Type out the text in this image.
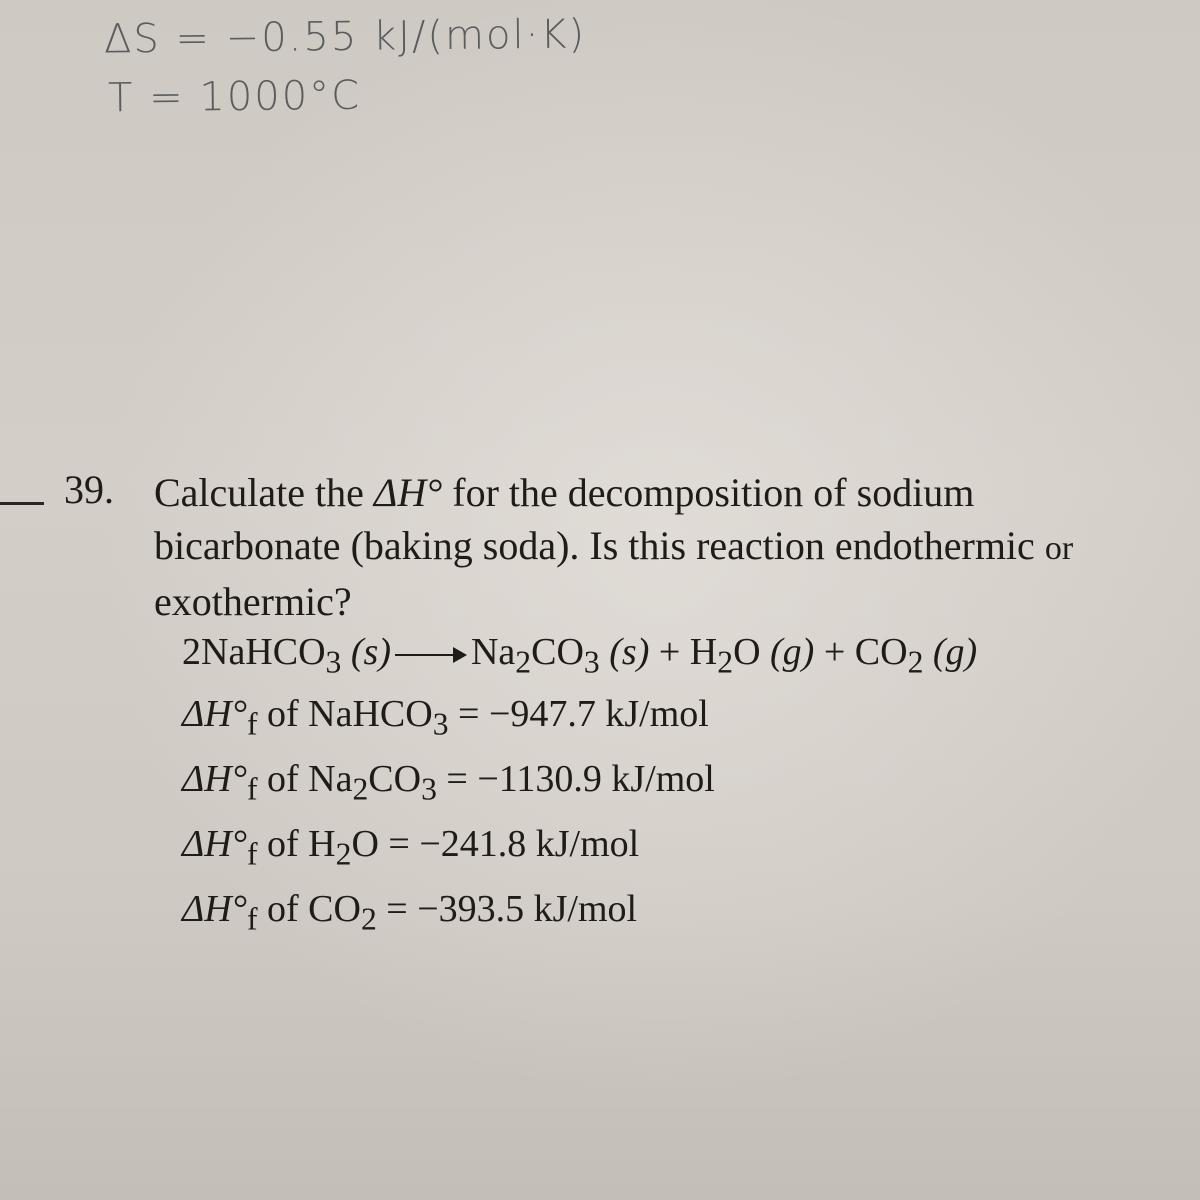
ΔS = −0.55 kJ/(mol·K)
T = 1000°C
39. Calculate the ΔH° for the decomposition of sodium bicarbonate (baking soda). Is this reaction endothermic or exothermic?
2NaHCO$_3$ $(s) \to Na_2CO_3$ $(s) + H_2O$ $(g) + CO_2$ (g)
$\Delta H^\circ_f$ of NaHCO$_3$ = −947.7 kJ/mol
$\Delta H^\circ_f$ of $Na_2CO_3 = -1130.9$ kJ/mol
$\Delta H^\circ_f$ of $H_2O = -241.8$ kJ/mol
$\Delta H^\circ_f$ of $CO_2 = -393.5$ kJ/mol
